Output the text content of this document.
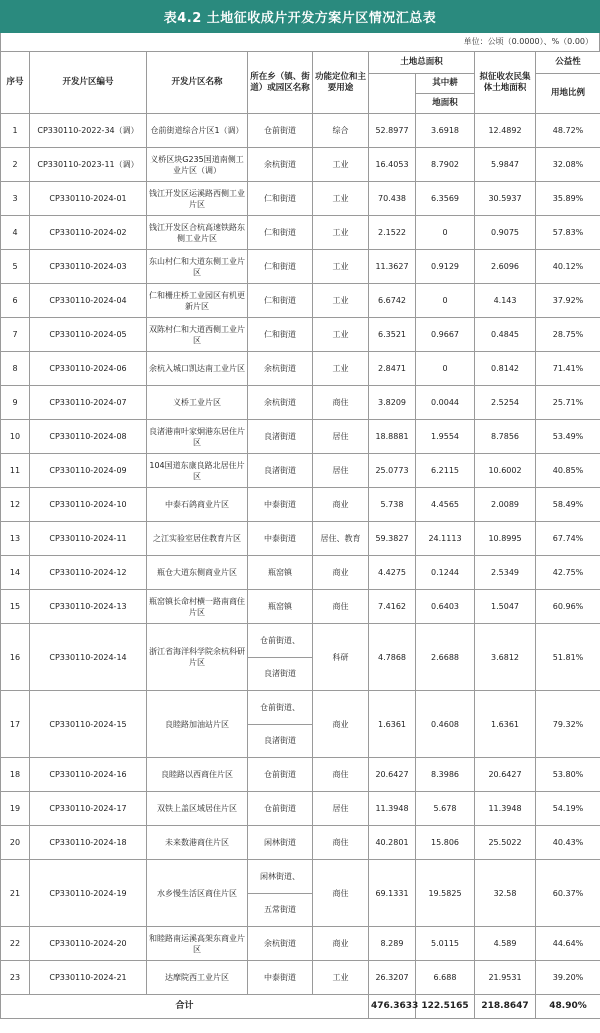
表4.2 土地征收成片开发方案片区情况汇总表
单位：公顷（0.0000）、%（0.00）
序号	开发片区编号	开发片区名称	所在乡（镇、街道）或园区名称	功能定位和主要用途	土地总面积		拟征收农民集体土地面积	公益性
						其中耕		用地比例
						地面积		
1	CP330110-2022-34（调）	仓前街道综合片区1（调）	仓前街道	综合	52.8977	3.6918	12.4892	48.72%
2	CP330110-2023-11（调）	义桥区块G235国道南侧工业片区（调）	余杭街道	工业	16.4053	8.7902	5.9847	32.08%
3	CP330110-2024-01	钱江开发区运溪路西侧工业片区	仁和街道	工业	70.438	6.3569	30.5937	35.89%
4	CP330110-2024-02	钱江开发区合杭高速铁路东侧工业片区	仁和街道	工业	2.1522	0	0.9075	57.83%
5	CP330110-2024-03	东山村仁和大道东侧工业片区	仁和街道	工业	11.3627	0.9129	2.6096	40.12%
6	CP330110-2024-04	仁和栅庄桥工业园区有机更新片区	仁和街道	工业	6.6742	0	4.143	37.92%
7	CP330110-2024-05	双陈村仁和大道西侧工业片区	仁和街道	工业	6.3521	0.9667	0.4845	28.75%
8	CP330110-2024-06	余杭入城口凯达南工业片区	余杭街道	工业	2.8471	0	0.8142	71.41%
9	CP330110-2024-07	义桥工业片区	余杭街道	商住	3.8209	0.0044	2.5254	25.71%
10	CP330110-2024-08	良渚港南叶家炯港东居住片区	良渚街道	居住	18.8881	1.9554	8.7856	53.49%
11	CP330110-2024-09	104国道东康良路北居住片区	良渚街道	居住	25.0773	6.2115	10.6002	40.85%
12	CP330110-2024-10	中泰石鸽商业片区	中泰街道	商业	5.738	4.4565	2.0089	58.49%
13	CP330110-2024-11	之江实验室居住教育片区	中泰街道	居住、教育	59.3827	24.1113	10.8995	67.74%
14	CP330110-2024-12	瓶仓大道东侧商业片区	瓶窑镇	商业	4.4275	0.1244	2.5349	42.75%
15	CP330110-2024-13	瓶窑镇长命村横一路南商住片区	瓶窑镇	商住	7.4162	0.6403	1.5047	60.96%
16	CP330110-2024-14	浙江省海洋科学院余杭科研片区	仓前街道、	科研	4.7868	2.6688	3.6812	51.81%
			良渚街道					
17	CP330110-2024-15	良睦路加油站片区	仓前街道、	商业	1.6361	0.4608	1.6361	79.32%
			良渚街道					
18	CP330110-2024-16	良睦路以西商住片区	仓前街道	商住	20.6427	8.3986	20.6427	53.80%
19	CP330110-2024-17	双铁上盖区域居住片区	仓前街道	居住	11.3948	5.678	11.3948	54.19%
20	CP330110-2024-18	未来数港商住片区	闲林街道	商住	40.2801	15.806	25.5022	40.43%
21	CP330110-2024-19	水乡慢生活区商住片区	闲林街道、	商住	69.1331	19.5825	32.58	60.37%
			五常街道					
22	CP330110-2024-20	和睦路南运溪高架东商业片区	余杭街道	商业	8.289	5.0115	4.589	44.64%
23	CP330110-2024-21	达摩院西工业片区	中泰街道	工业	26.3207	6.688	21.9531	39.20%
合计					476.3633	122.5165	218.8647	48.90%
